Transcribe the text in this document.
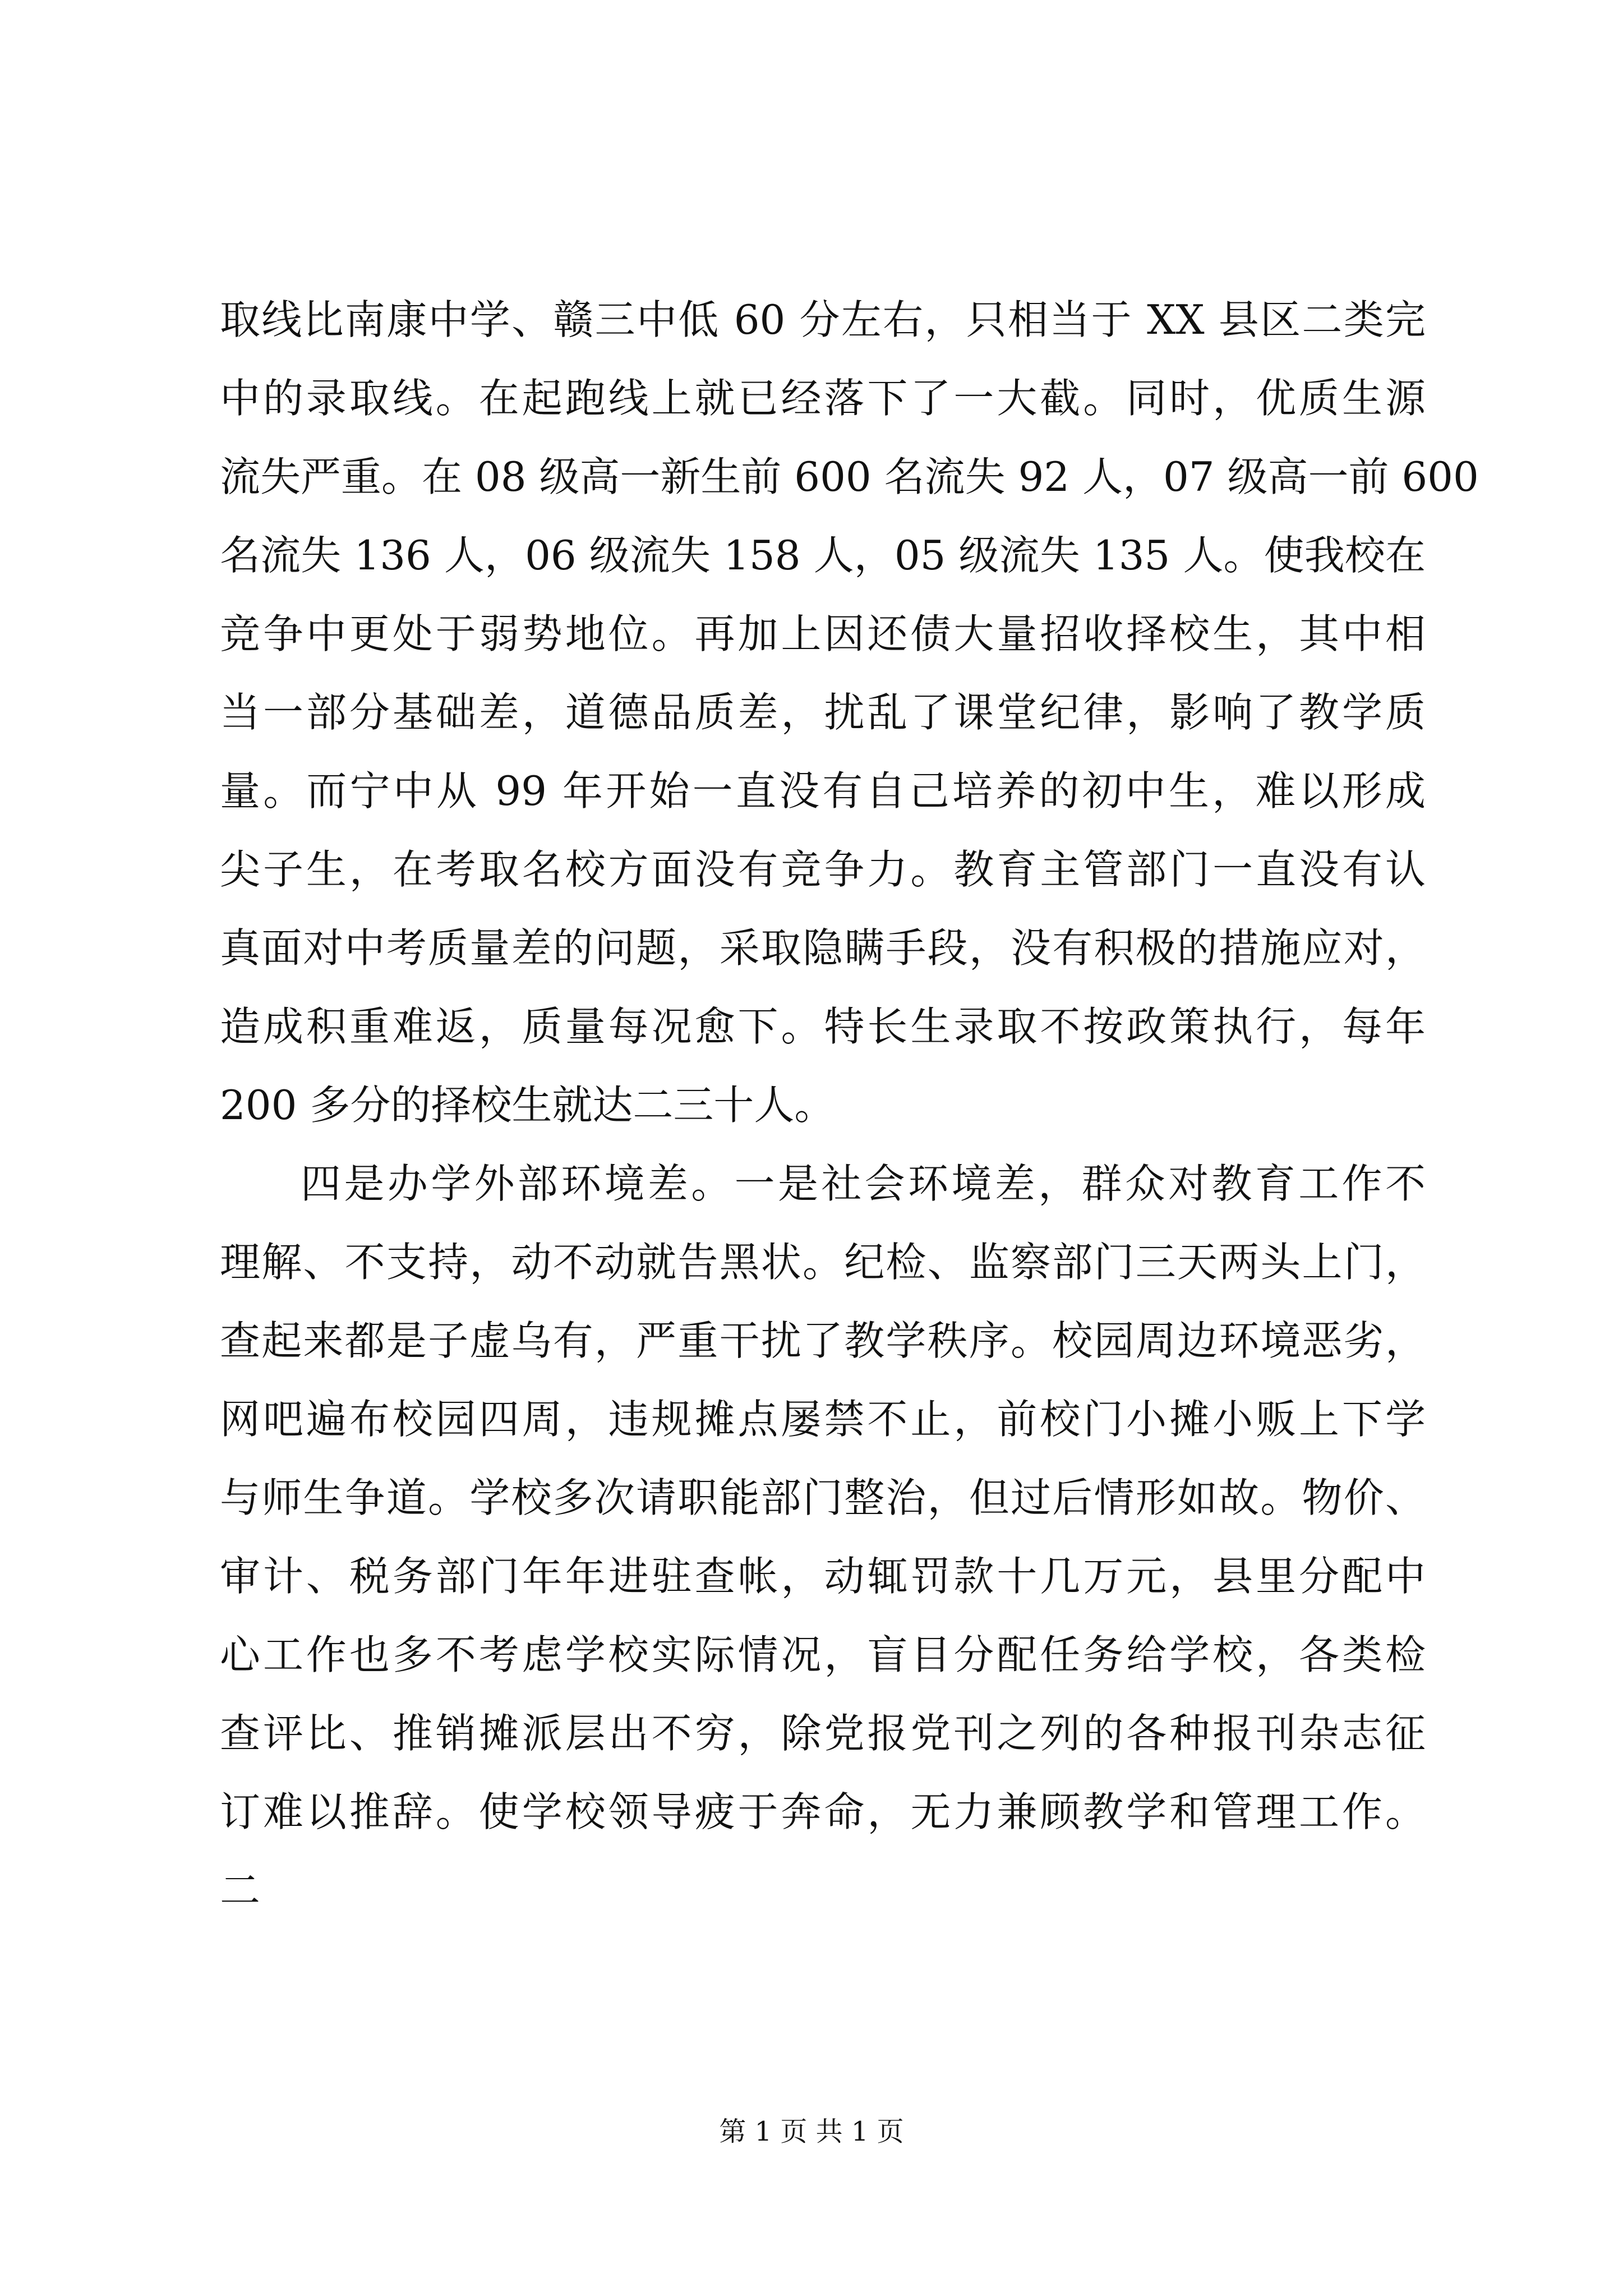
取线比南康中学、赣三中低 60 分左右，只相当于 XX 县区二类完
中的录取线。在起跑线上就已经落下了一大截。同时，优质生源
流失严重。在 08 级高一新生前 600 名流失 92 人，07 级高一前 600
名流失 136 人，06 级流失 158 人，05 级流失 135 人。使我校在
竞争中更处于弱势地位。再加上因还债大量招收择校生，其中相
当一部分基础差，道德品质差，扰乱了课堂纪律，影响了教学质
量。而宁中从 99 年开始一直没有自己培养的初中生，难以形成
尖子生，在考取名校方面没有竞争力。教育主管部门一直没有认
真面对中考质量差的问题，采取隐瞒手段，没有积极的措施应对，
造成积重难返，质量每况愈下。特长生录取不按政策执行，每年
200 多分的择校生就达二三十人。
四是办学外部环境差。一是社会环境差，群众对教育工作不
理解、不支持，动不动就告黑状。纪检、监察部门三天两头上门，
查起来都是子虚乌有，严重干扰了教学秩序。校园周边环境恶劣，
网吧遍布校园四周，违规摊点屡禁不止，前校门小摊小贩上下学
与师生争道。学校多次请职能部门整治，但过后情形如故。物价、
审计、税务部门年年进驻查帐，动辄罚款十几万元，县里分配中
心工作也多不考虑学校实际情况，盲目分配任务给学校，各类检
查评比、推销摊派层出不穷，除党报党刊之列的各种报刊杂志征
订难以推辞。使学校领导疲于奔命，无力兼顾教学和管理工作。
二
第 1 页 共 1 页
